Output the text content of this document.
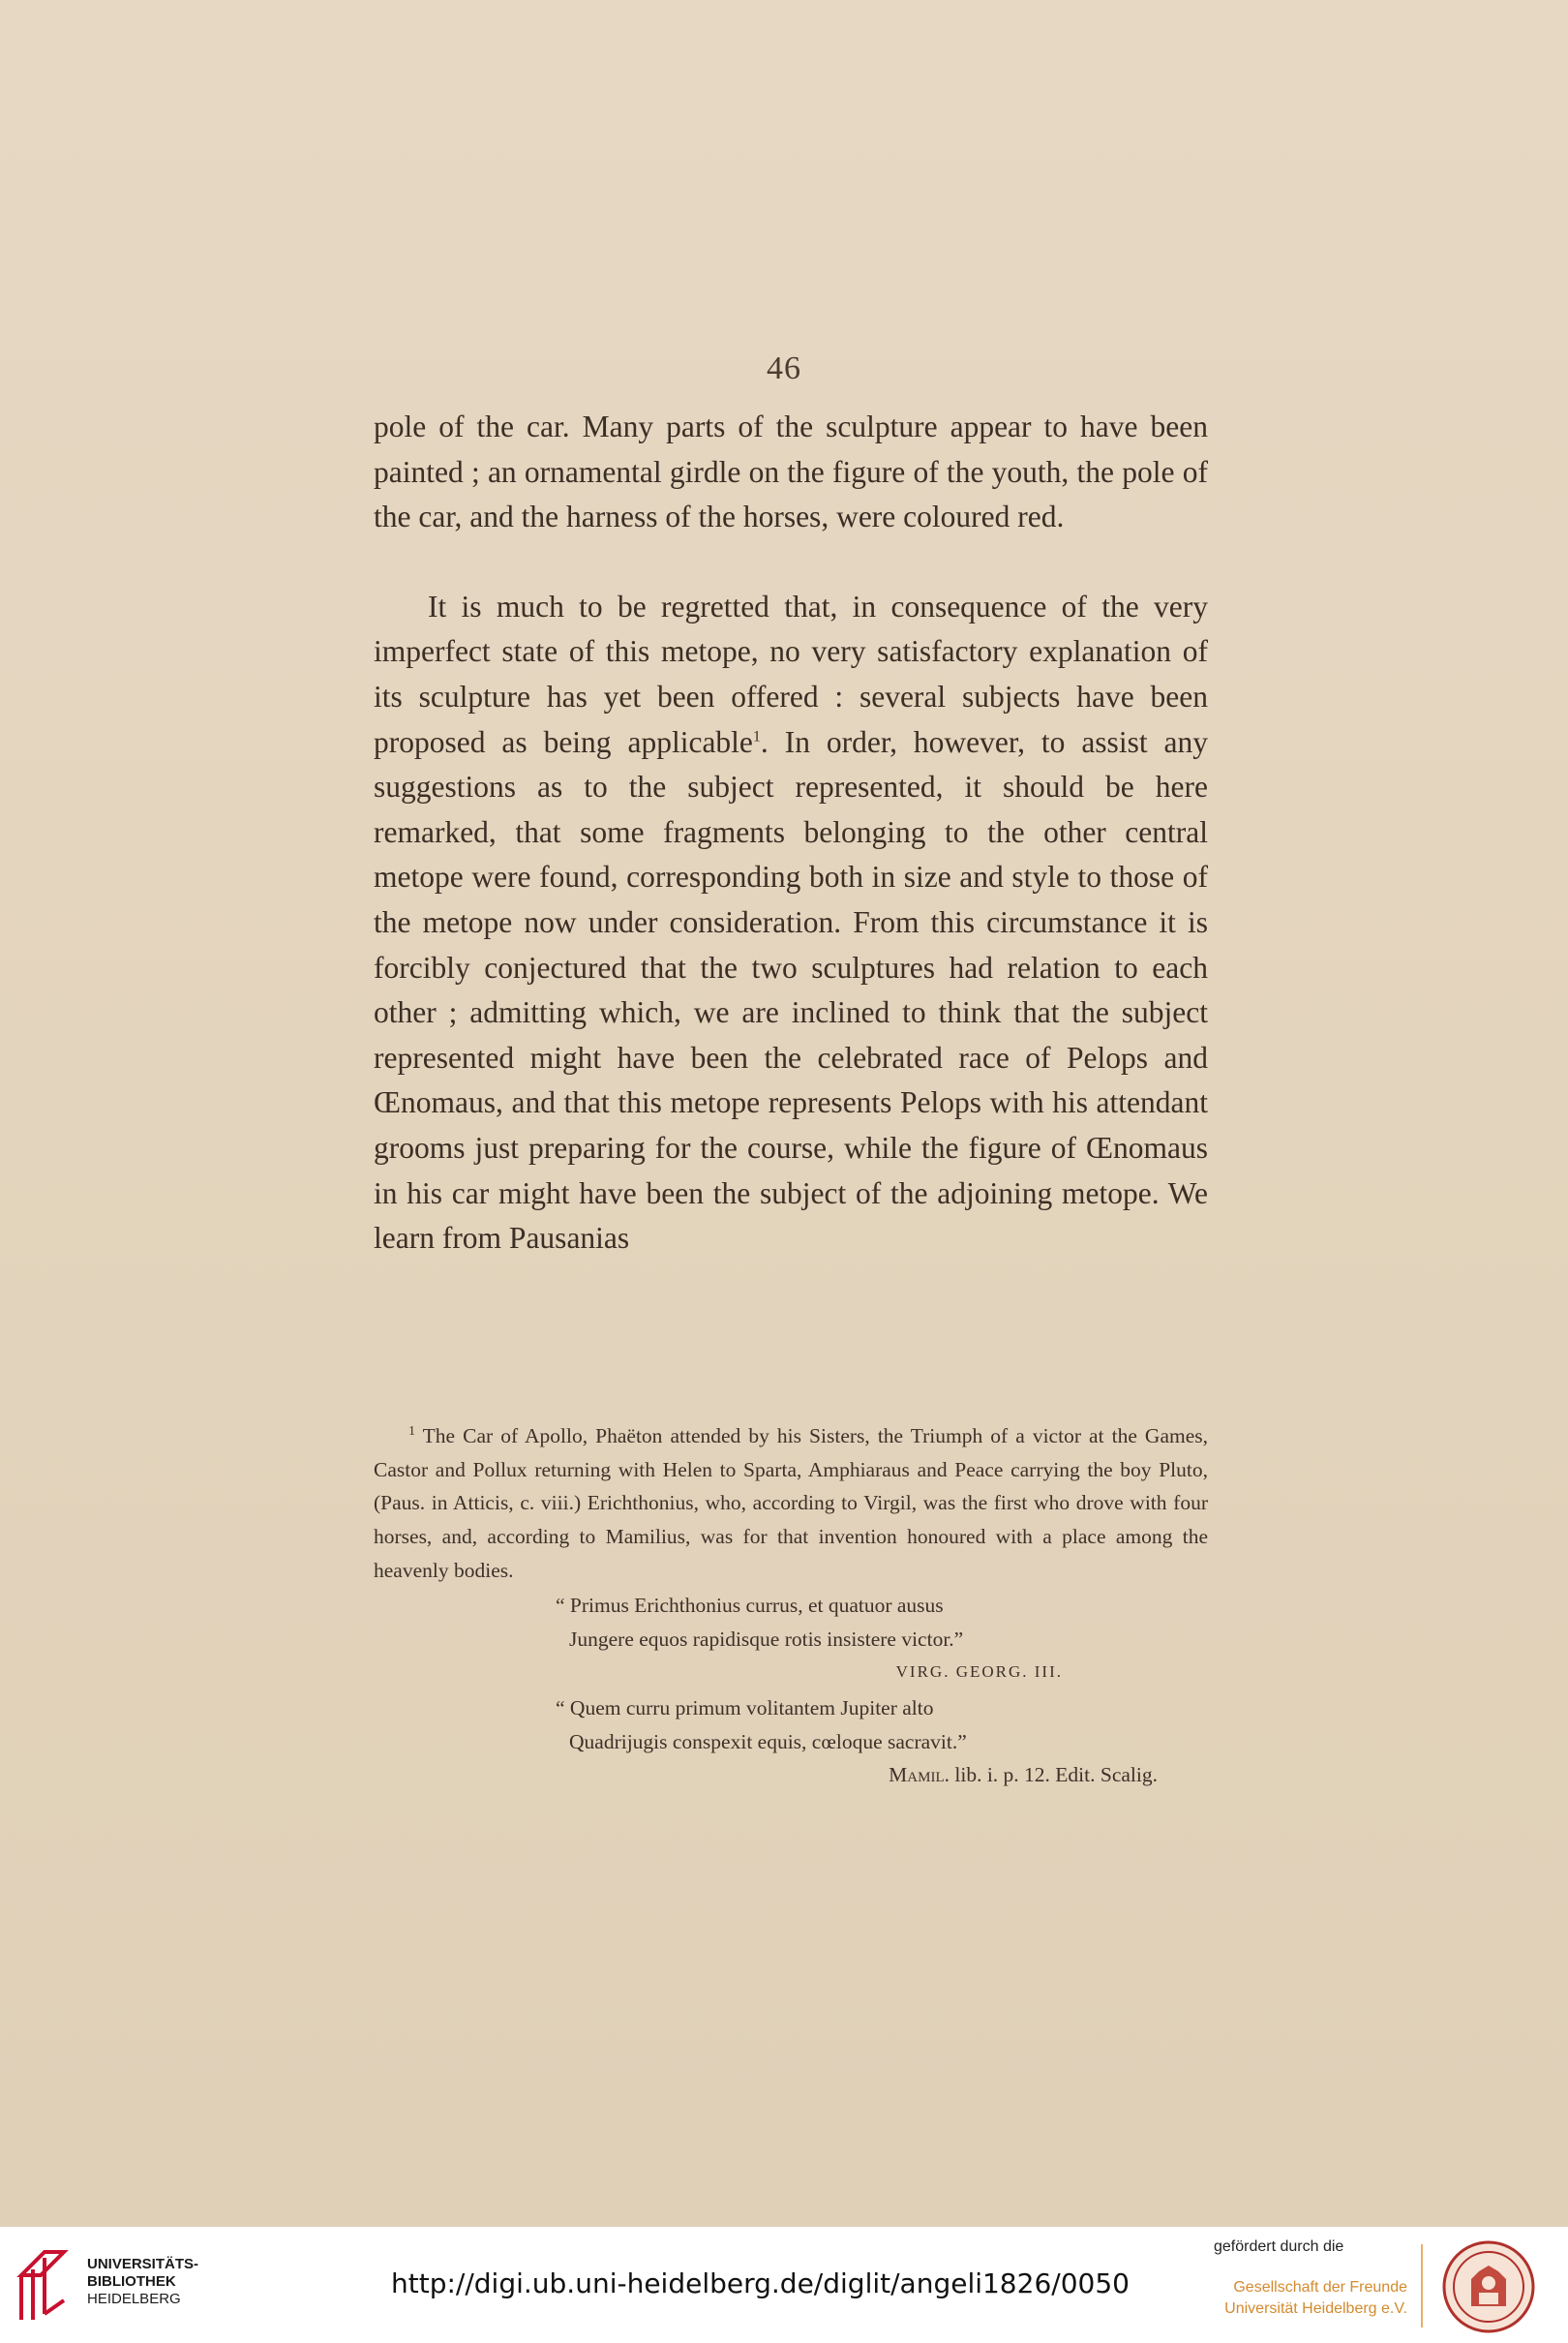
46

pole of the car. Many parts of the sculpture appear to have been painted ; an ornamental girdle on the figure of the youth, the pole of the car, and the harness of the horses, were coloured red.

It is much to be regretted that, in consequence of the very imperfect state of this metope, no very satisfactory explanation of its sculpture has yet been offered : several subjects have been proposed as being applicable$^1$. In order, however, to assist any suggestions as to the subject represented, it should be here remarked, that some fragments belonging to the other central metope were found, corresponding both in size and style to those of the metope now under consideration. From this circumstance it is forcibly conjectured that the two sculptures had relation to each other ; admitting which, we are inclined to think that the subject represented might have been the celebrated race of Pelops and Œnomaus, and that this metope represents Pelops with his attendant grooms just preparing for the course, while the figure of Œnomaus in his car might have been the subject of the adjoining metope. We learn from Pausanias

$^1$ The Car of Apollo, Phaëton attended by his Sisters, the Triumph of a victor at the Games, Castor and Pollux returning with Helen to Sparta, Amphiaraus and Peace carrying the boy Pluto, (Paus. in Atticis, c. viii.) Erichthonius, who, according to Virgil, was the first who drove with four horses, and, according to Mamilius, was for that invention honoured with a place among the heavenly bodies.

“ Primus Erichthonius currus, et quatuor ausus
Jungere equos rapidisque rotis insistere victor.”
VIRG. GEORG. III.
“ Quem curru primum volitantem Jupiter alto
Quadrijugis conspexit equis, cœloque sacravit.”
Mamil. lib. i. p. 12. Edit. Scalig.
UNIVERSITÄTS-
BIBLIOTHEK
HEIDELBERG	http://digi.ub.uni-heidelberg.de/diglit/angeli1826/0050
gefördert durch die
Gesellschaft der Freunde
Universität Heidelberg e.V.
